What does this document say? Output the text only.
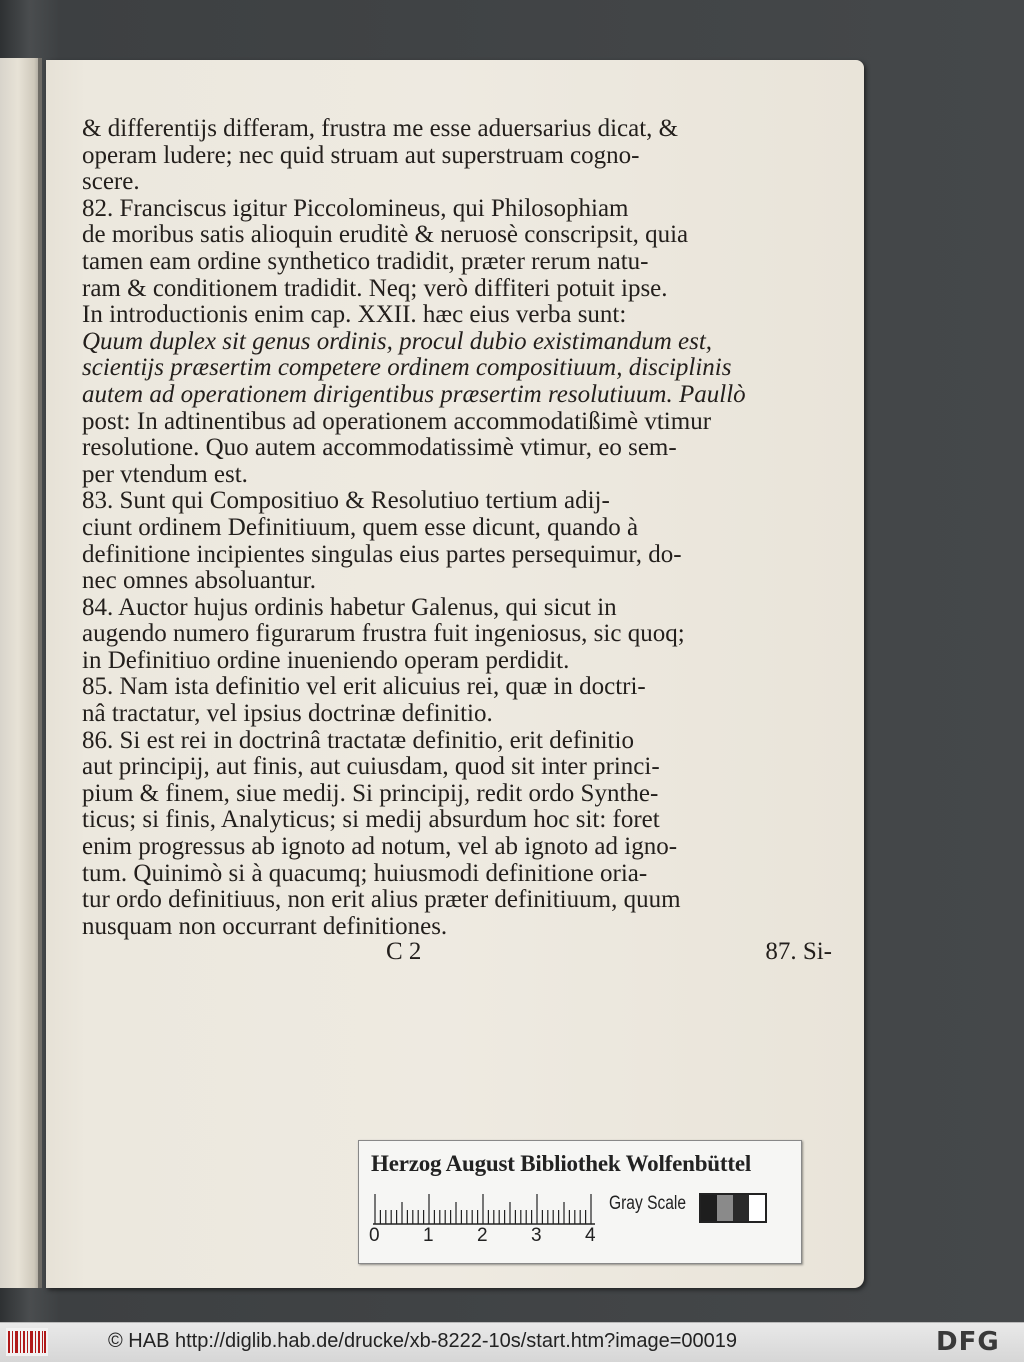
& differentijs differam, frustra me esse aduersarius dicat, &
operam ludere; nec quid struam aut superstruam cogno-
scere.
82. Franciscus igitur Piccolomineus, qui Philosophiam
de moribus satis alioquin eruditè & neruosè conscripsit, quia
tamen eam ordine synthetico tradidit, præter rerum natu-
ram & conditionem tradidit. Neq; verò diffiteri potuit ipse.
In introductionis enim cap. XXII. hæc eius verba sunt:
Quum duplex sit genus ordinis, procul dubio existimandum est,
scientijs præsertim competere ordinem compositiuum, disciplinis
autem ad operationem dirigentibus præsertim resolutiuum. Paullò
post: In adtinentibus ad operationem accommodatißimè vtimur
resolutione. Quo autem accommodatissimè vtimur, eo sem-
per vtendum est.
83. Sunt qui Compositiuo & Resolutiuo tertium adij-
ciunt ordinem Definitiuum, quem esse dicunt, quando à
definitione incipientes singulas eius partes persequimur, do-
nec omnes absoluantur.
84. Auctor hujus ordinis habetur Galenus, qui sicut in
augendo numero figurarum frustra fuit ingeniosus, sic quoq;
in Definitiuo ordine inueniendo operam perdidit.
85. Nam ista definitio vel erit alicuius rei, quæ in doctri-
nâ tractatur, vel ipsius doctrinæ definitio.
86. Si est rei in doctrinâ tractatæ definitio, erit definitio
aut principij, aut finis, aut cuiusdam, quod sit inter princi-
pium & finem, siue medij. Si principij, redit ordo Synthe-
ticus; si finis, Analyticus; si medij absurdum hoc sit: foret
enim progressus ab ignoto ad notum, vel ab ignoto ad igno-
tum. Quinimò si à quacumq; huiusmodi definitione oria-
tur ordo definitiuus, non erit alius præter definitiuum, quum
nusquam non occurrant definitiones.
C 2	87. Si-
Herzog August Bibliothek Wolfenbüttel
0 1 2 3 4
Gray Scale
© HAB http://diglib.hab.de/drucke/xb-8222-10s/start.htm?image=00019	DFG
